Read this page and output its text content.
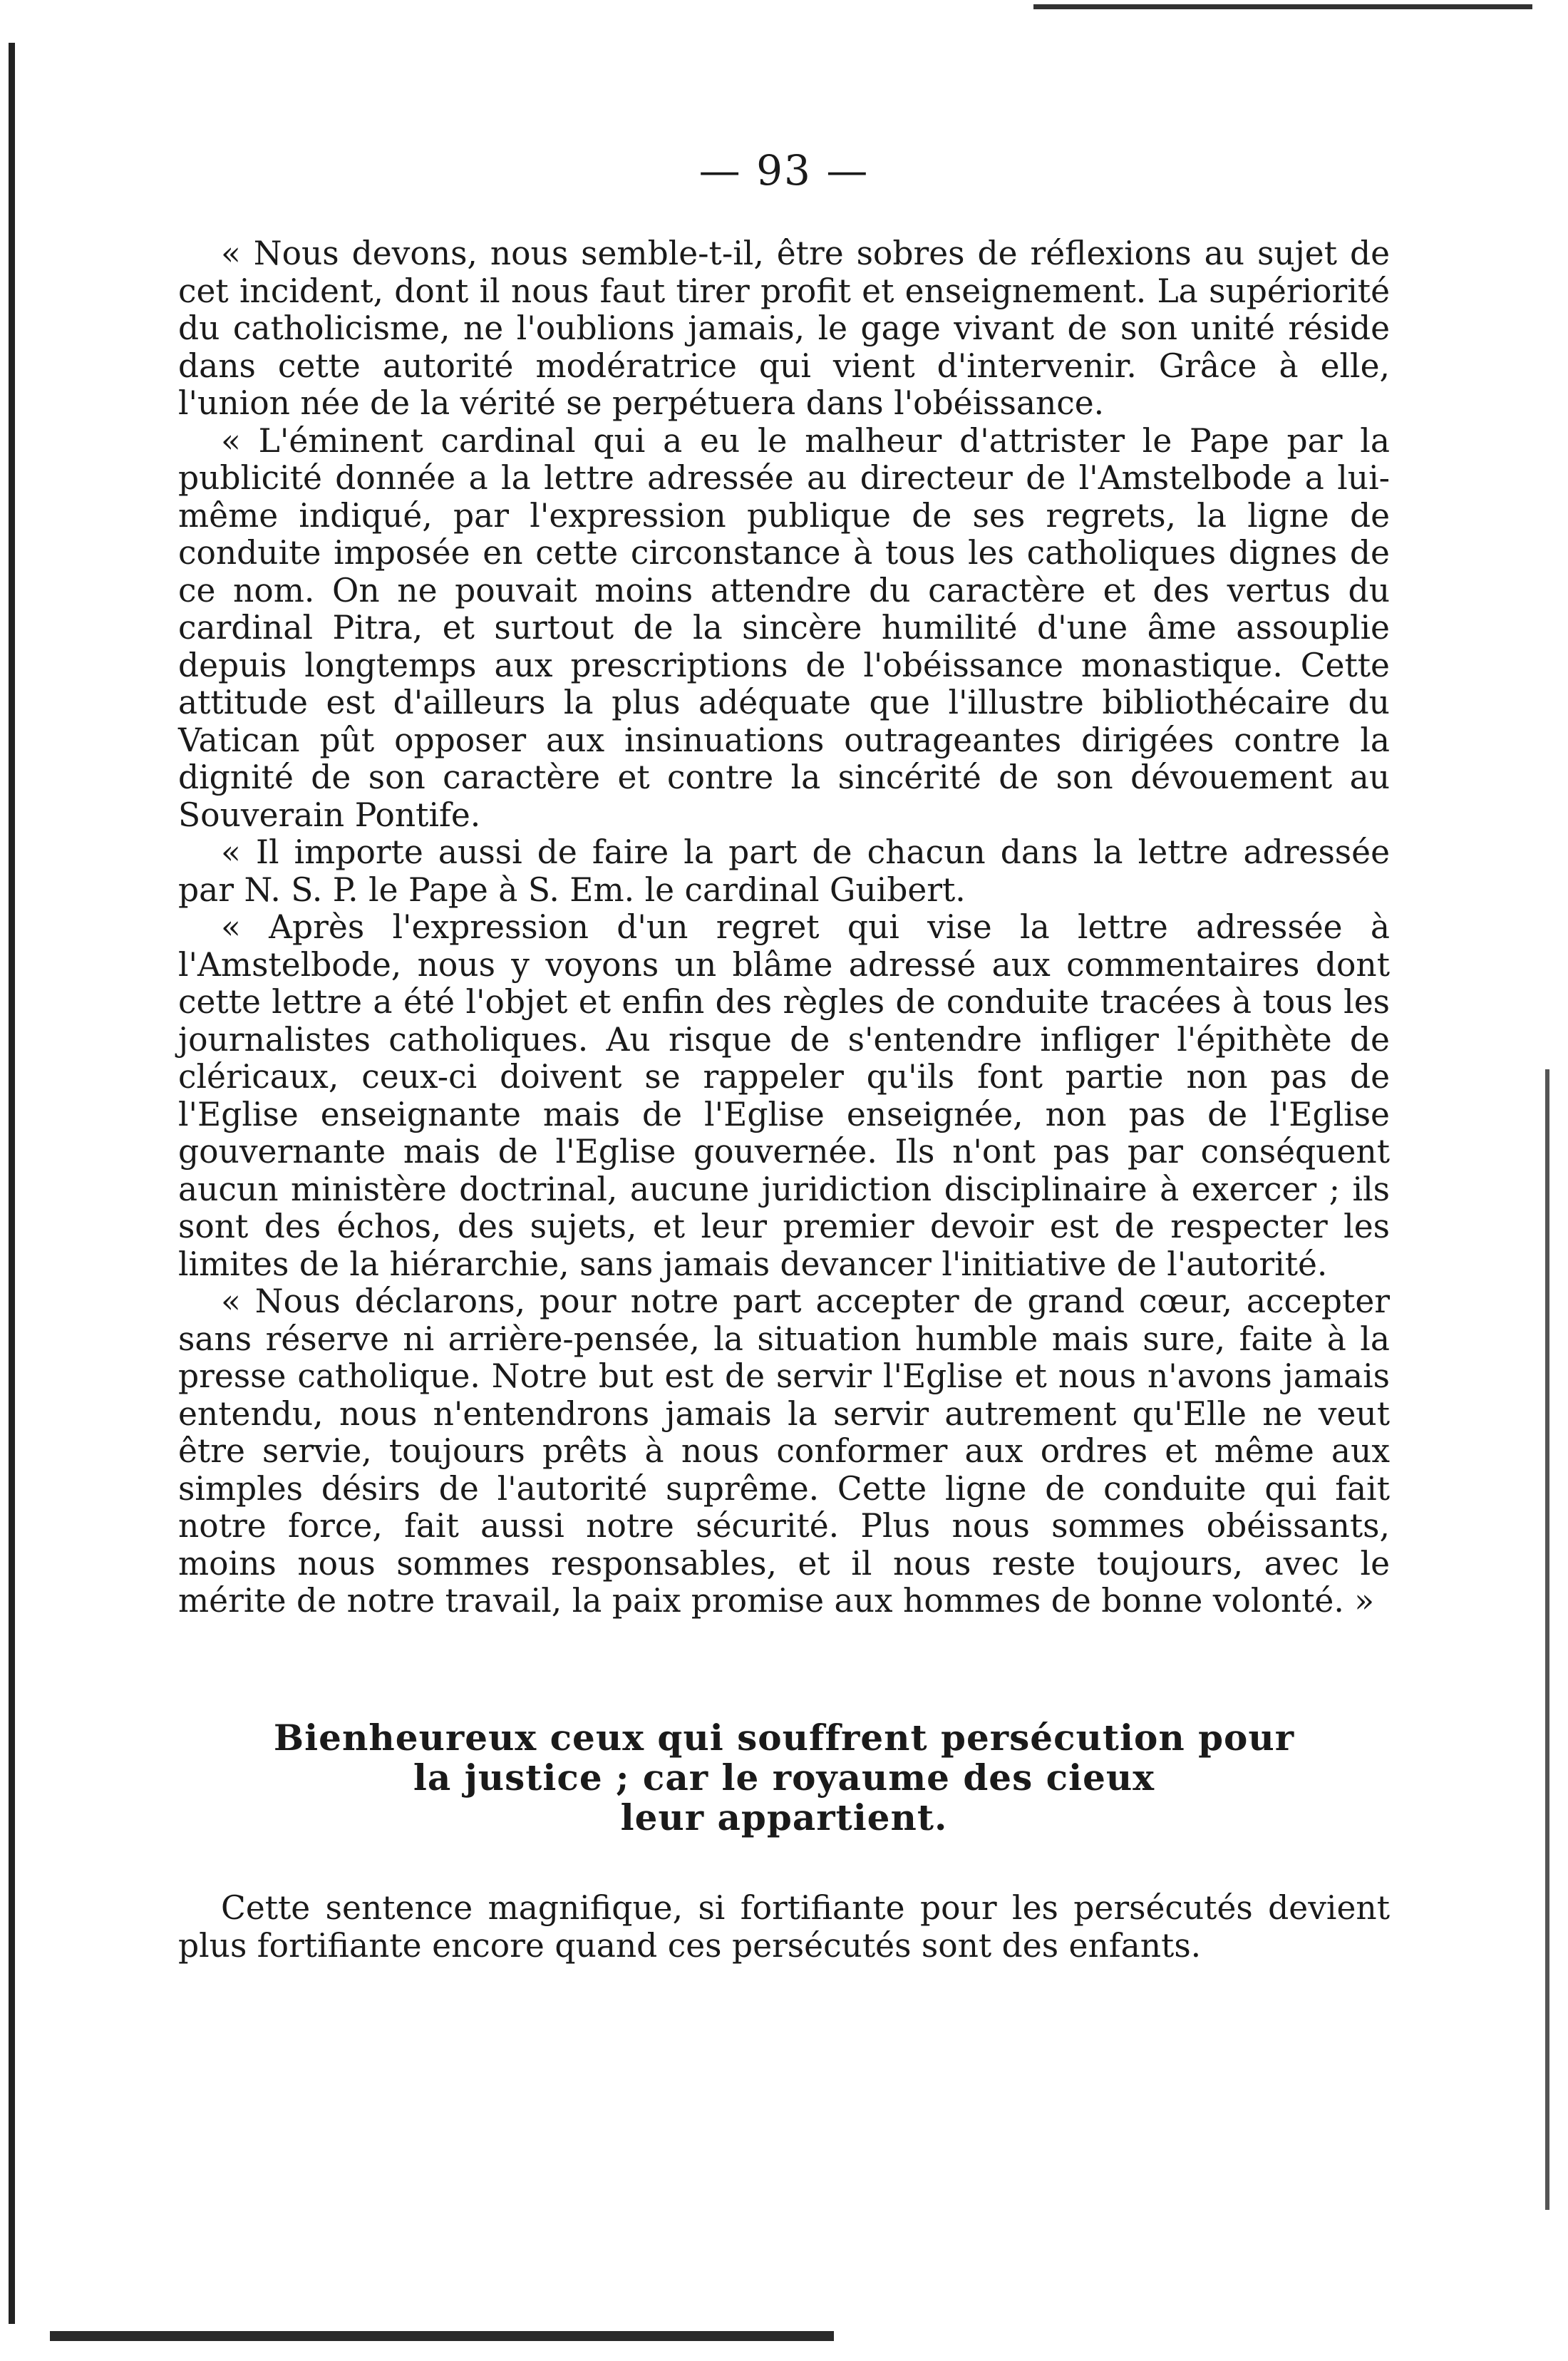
— 93 —

« Nous devons, nous semble-t-il, être sobres de réflexions au sujet de cet incident, dont il nous faut tirer profit et enseignement. La supériorité du catholicisme, ne l'oublions jamais, le gage vivant de son unité réside dans cette autorité modératrice qui vient d'intervenir. Grâce à elle, l'union née de la vérité se perpétuera dans l'obéissance.

« L'éminent cardinal qui a eu le malheur d'attrister le Pape par la publicité donnée a la lettre adressée au directeur de l'Amstelbode a lui-même indiqué, par l'expression publique de ses regrets, la ligne de conduite imposée en cette circonstance à tous les catholiques dignes de ce nom. On ne pouvait moins attendre du caractère et des vertus du cardinal Pitra, et surtout de la sincère humilité d'une âme assouplie depuis longtemps aux prescriptions de l'obéissance monastique. Cette attitude est d'ailleurs la plus adéquate que l'illustre bibliothécaire du Vatican pût opposer aux insinuations outrageantes dirigées contre la dignité de son caractère et contre la sincérité de son dévouement au Souverain Pontife.

« Il importe aussi de faire la part de chacun dans la lettre adressée par N. S. P. le Pape à S. Em. le cardinal Guibert.

« Après l'expression d'un regret qui vise la lettre adressée à l'Amstelbode, nous y voyons un blâme adressé aux commentaires dont cette lettre a été l'objet et enfin des règles de conduite tracées à tous les journalistes catholiques. Au risque de s'entendre infliger l'épithète de cléricaux, ceux-ci doivent se rappeler qu'ils font partie non pas de l'Eglise enseignante mais de l'Eglise enseignée, non pas de l'Eglise gouvernante mais de l'Eglise gouvernée. Ils n'ont pas par conséquent aucun ministère doctrinal, aucune juridiction disciplinaire à exercer ; ils sont des échos, des sujets, et leur premier devoir est de respecter les limites de la hiérarchie, sans jamais devancer l'initiative de l'autorité.

« Nous déclarons, pour notre part accepter de grand cœur, accepter sans réserve ni arrière-pensée, la situation humble mais sure, faite à la presse catholique. Notre but est de servir l'Eglise et nous n'avons jamais entendu, nous n'entendrons jamais la servir autrement qu'Elle ne veut être servie, toujours prêts à nous conformer aux ordres et même aux simples désirs de l'autorité suprême. Cette ligne de conduite qui fait notre force, fait aussi notre sécurité. Plus nous sommes obéissants, moins nous sommes responsables, et il nous reste toujours, avec le mérite de notre travail, la paix promise aux hommes de bonne volonté. »

Bienheureux ceux qui souffrent persécution pour
la justice ; car le royaume des cieux
leur appartient.

Cette sentence magnifique, si fortifiante pour les persécutés devient plus fortifiante encore quand ces persécutés sont des enfants.
